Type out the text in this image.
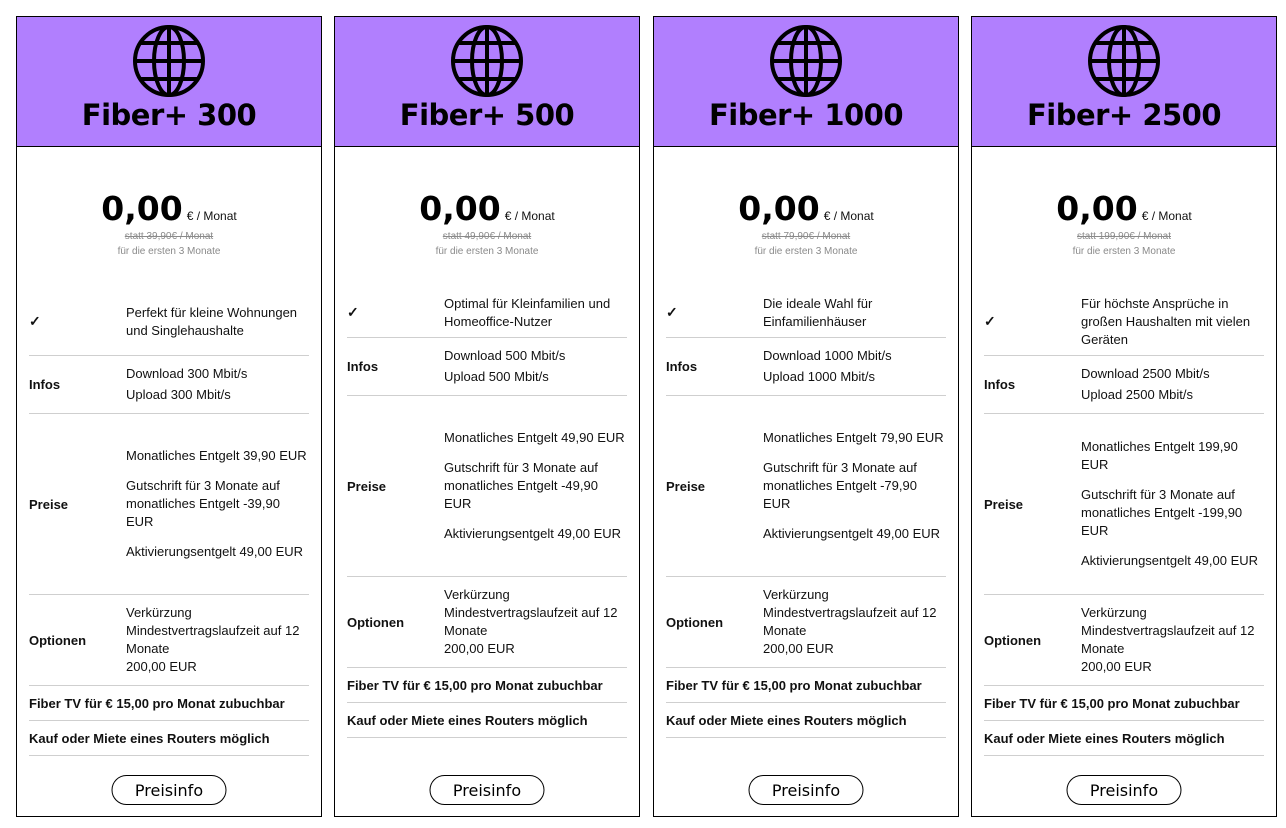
Fiber+ 300
0,00 € / Monat
statt 39,90€ / Monat
für die ersten 3 Monate
✓
Perfekt für kleine Wohnungen und Singlehaushalte
Infos

Download 300 Mbit/s

Upload 300 Mbit/s

Preise
Monatliches Entgelt 39,90 EUR
Gutschrift für 3 Monate auf monatliches Entgelt -39,90 EUR
Aktivierungsentgelt 49,00 EUR
Optionen
Verkürzung Mindestvertragslaufzeit auf 12 Monate
200,00 EUR
Fiber TV für € 15,00 pro Monat zubuchbar
Kauf oder Miete eines Routers möglich
Preisinfo
Fiber+ 500
0,00 € / Monat
statt 49,90€ / Monat
für die ersten 3 Monate
✓
Optimal für Kleinfamilien und Homeoffice-Nutzer
Infos

Download 500 Mbit/s

Upload 500 Mbit/s

Preise
Monatliches Entgelt 49,90 EUR
Gutschrift für 3 Monate auf monatliches Entgelt -49,90 EUR
Aktivierungsentgelt 49,00 EUR
Optionen
Verkürzung Mindestvertragslaufzeit auf 12 Monate
200,00 EUR
Fiber TV für € 15,00 pro Monat zubuchbar
Kauf oder Miete eines Routers möglich
Preisinfo
Fiber+ 1000
0,00 € / Monat
statt 79,90€ / Monat
für die ersten 3 Monate
✓
Die ideale Wahl für Einfamilienhäuser
Infos

Download 1000 Mbit/s

Upload 1000 Mbit/s

Preise
Monatliches Entgelt 79,90 EUR
Gutschrift für 3 Monate auf monatliches Entgelt -79,90 EUR
Aktivierungsentgelt 49,00 EUR
Optionen
Verkürzung Mindestvertragslaufzeit auf 12 Monate
200,00 EUR
Fiber TV für € 15,00 pro Monat zubuchbar
Kauf oder Miete eines Routers möglich
Preisinfo
Fiber+ 2500
0,00 € / Monat
statt 199,90€ / Monat
für die ersten 3 Monate
✓
Für höchste Ansprüche in großen Haushalten mit vielen Geräten
Infos

Download 2500 Mbit/s

Upload 2500 Mbit/s

Preise
Monatliches Entgelt 199,90 EUR
Gutschrift für 3 Monate auf monatliches Entgelt -199,90 EUR
Aktivierungsentgelt 49,00 EUR
Optionen
Verkürzung Mindestvertragslaufzeit auf 12 Monate
200,00 EUR
Fiber TV für € 15,00 pro Monat zubuchbar
Kauf oder Miete eines Routers möglich
Preisinfo
